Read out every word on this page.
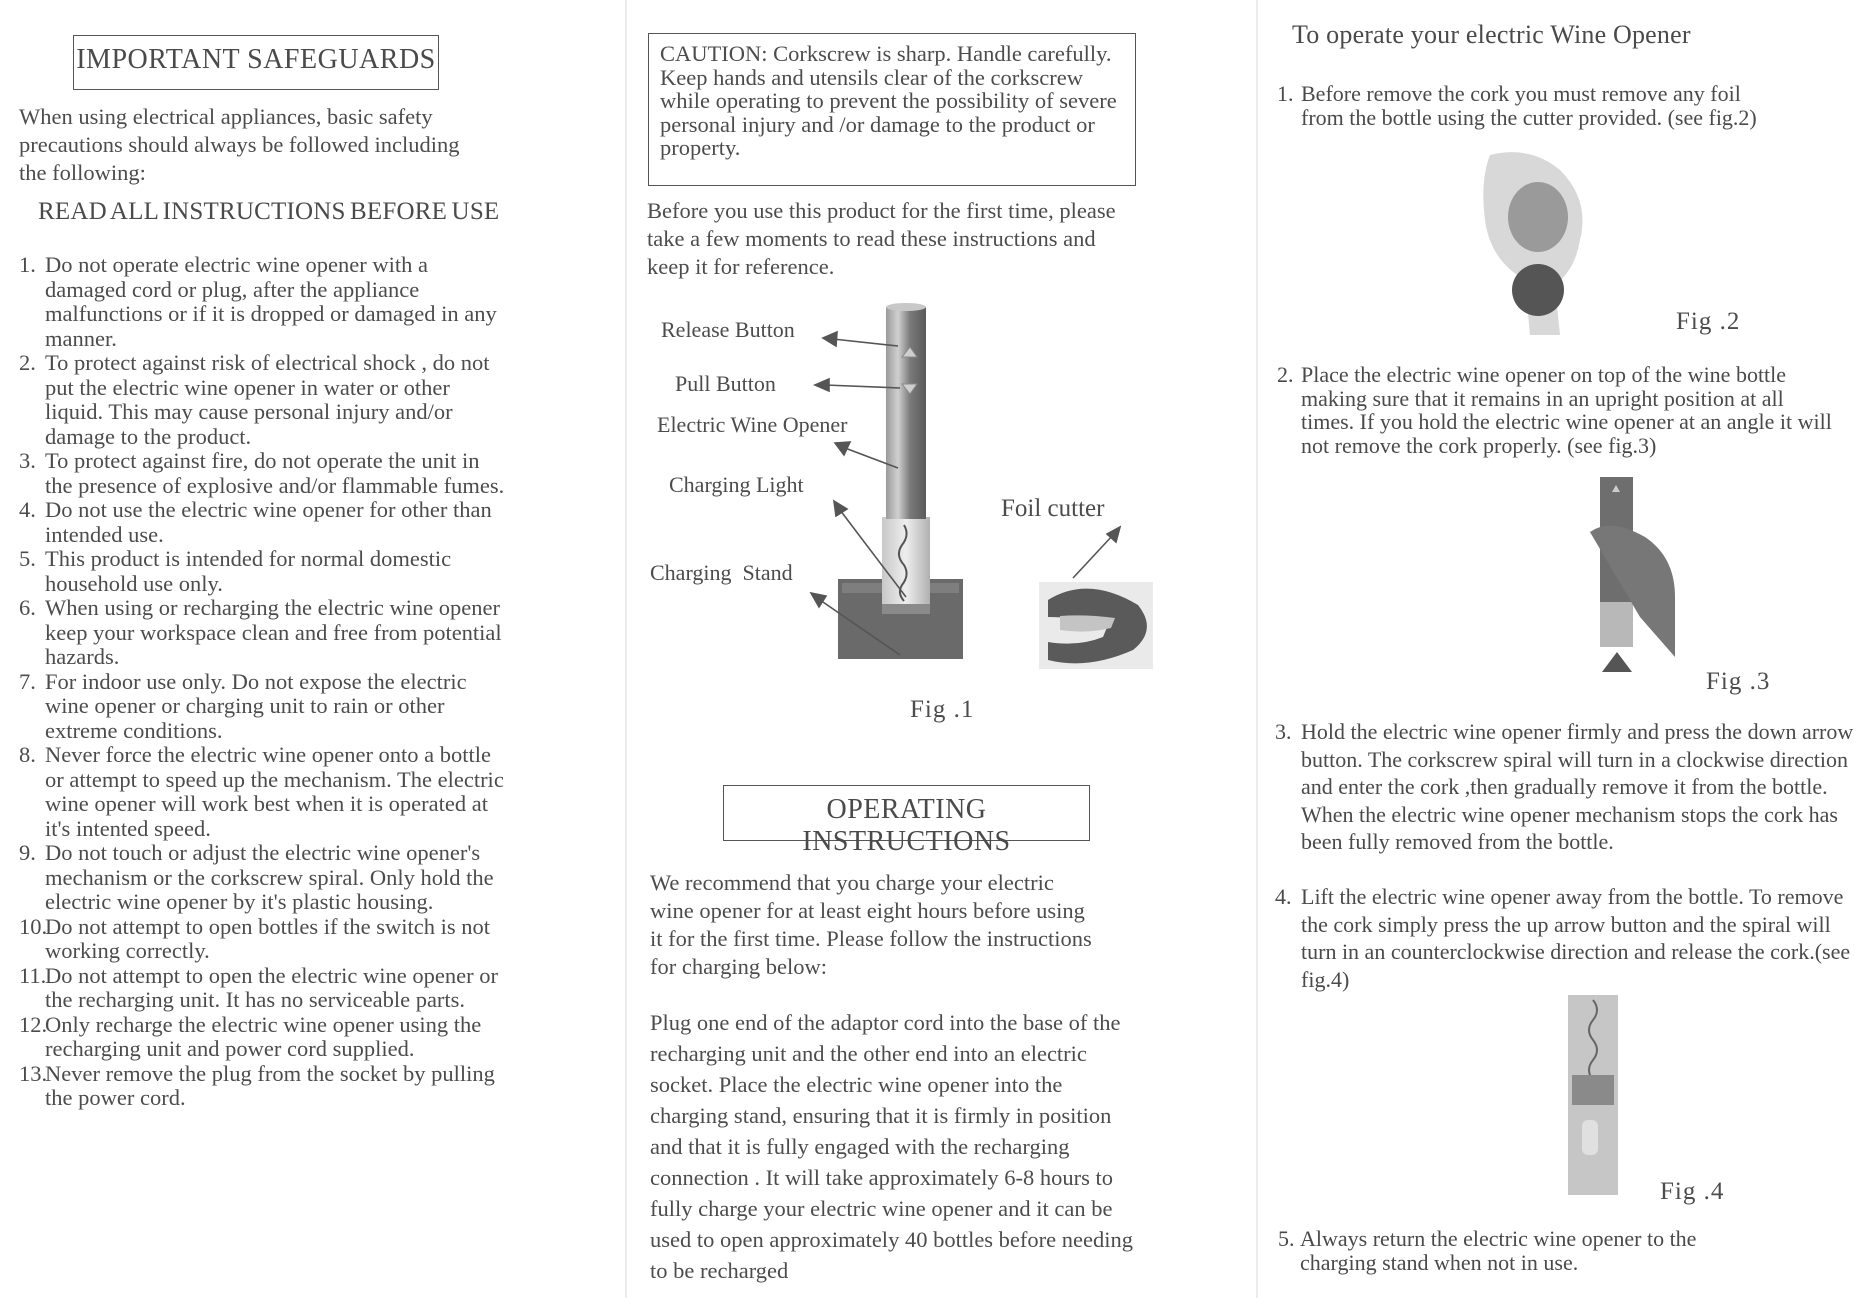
IMPORTANT SAFEGUARDS

When using electrical appliances, basic safety precautions should always be followed including the following:

READ ALL INSTRUCTIONS BEFORE USE
1. Do not operate electric wine opener with a damaged cord or plug, after the appliance malfunctions or if it is dropped or damaged in any manner.
2. To protect against risk of electrical shock , do not put the electric wine opener in water or other liquid. This may cause personal injury and/or damage to the product.
3. To protect against fire, do not operate the unit in the presence of explosive and/or flammable fumes.
4. Do not use the electric wine opener for other than intended use.
5. This product is intended for normal domestic household use only.
6. When using or recharging the electric wine opener keep your workspace clean and free from potential hazards.
7. For indoor use only. Do not expose the electric wine opener or charging unit to rain or other extreme conditions.
8. Never force the electric wine opener onto a bottle or attempt to speed up the mechanism. The electric wine opener will work best when it is operated at it's intented speed.
9. Do not touch or adjust the electric wine opener's mechanism or the corkscrew spiral. Only hold the electric wine opener by it's plastic housing.
10.
Do not attempt to open bottles if the switch is not working correctly.
11.
Do not attempt to open the electric wine opener or the recharging unit. It has no serviceable parts.
12.
Only recharge the electric wine opener using the recharging unit and power cord supplied.
13.
Never remove the plug from the socket by pulling the power cord.
CAUTION: Corkscrew is sharp. Handle carefully. Keep hands and utensils clear of the corkscrew while operating to prevent the possibility of severe personal injury and /or damage to the product or property.

Before you use this product for the first time, please take a few moments to read these instructions and keep it for reference.

Release Button
Pull Button
Electric Wine Opener
Charging Light
Charging  Stand
Foil cutter
Fig .1
OPERATING INSTRUCTIONS

We recommend that you charge your electric wine opener for at least eight hours before using it for the first time. Please follow the instructions for charging below:

Plug one end of the adaptor cord into the base of the recharging unit and the other end into an electric socket. Place the electric wine opener into the charging stand, ensuring that it is firmly in position and that it is fully engaged with the recharging connection . It will take approximately 6-8 hours to fully charge your electric wine opener and it can be used to open approximately 40 bottles before needing to be recharged

To operate your electric Wine Opener
1. Before remove the cork you must remove any foil from the bottle using the cutter provided. (see fig.2)
Fig .2
2. Place the electric wine opener on top of the wine bottle making sure that it remains in an upright position at all times. If you hold the electric wine opener at an angle it will not remove the cork properly. (see fig.3)
Fig .3
3. Hold the electric wine opener firmly and press the down arrow button. The corkscrew spiral will turn in a clockwise direction and enter the cork ,then gradually remove it from the bottle. When the electric wine opener mechanism stops the cork has been fully removed from the bottle.
4. Lift the electric wine opener away from the bottle. To remove the cork simply press the up arrow button and the spiral will turn in an counterclockwise direction and release the cork.(see fig.4)
Fig .4
5. Always return the electric wine opener to the charging stand when not in use.
